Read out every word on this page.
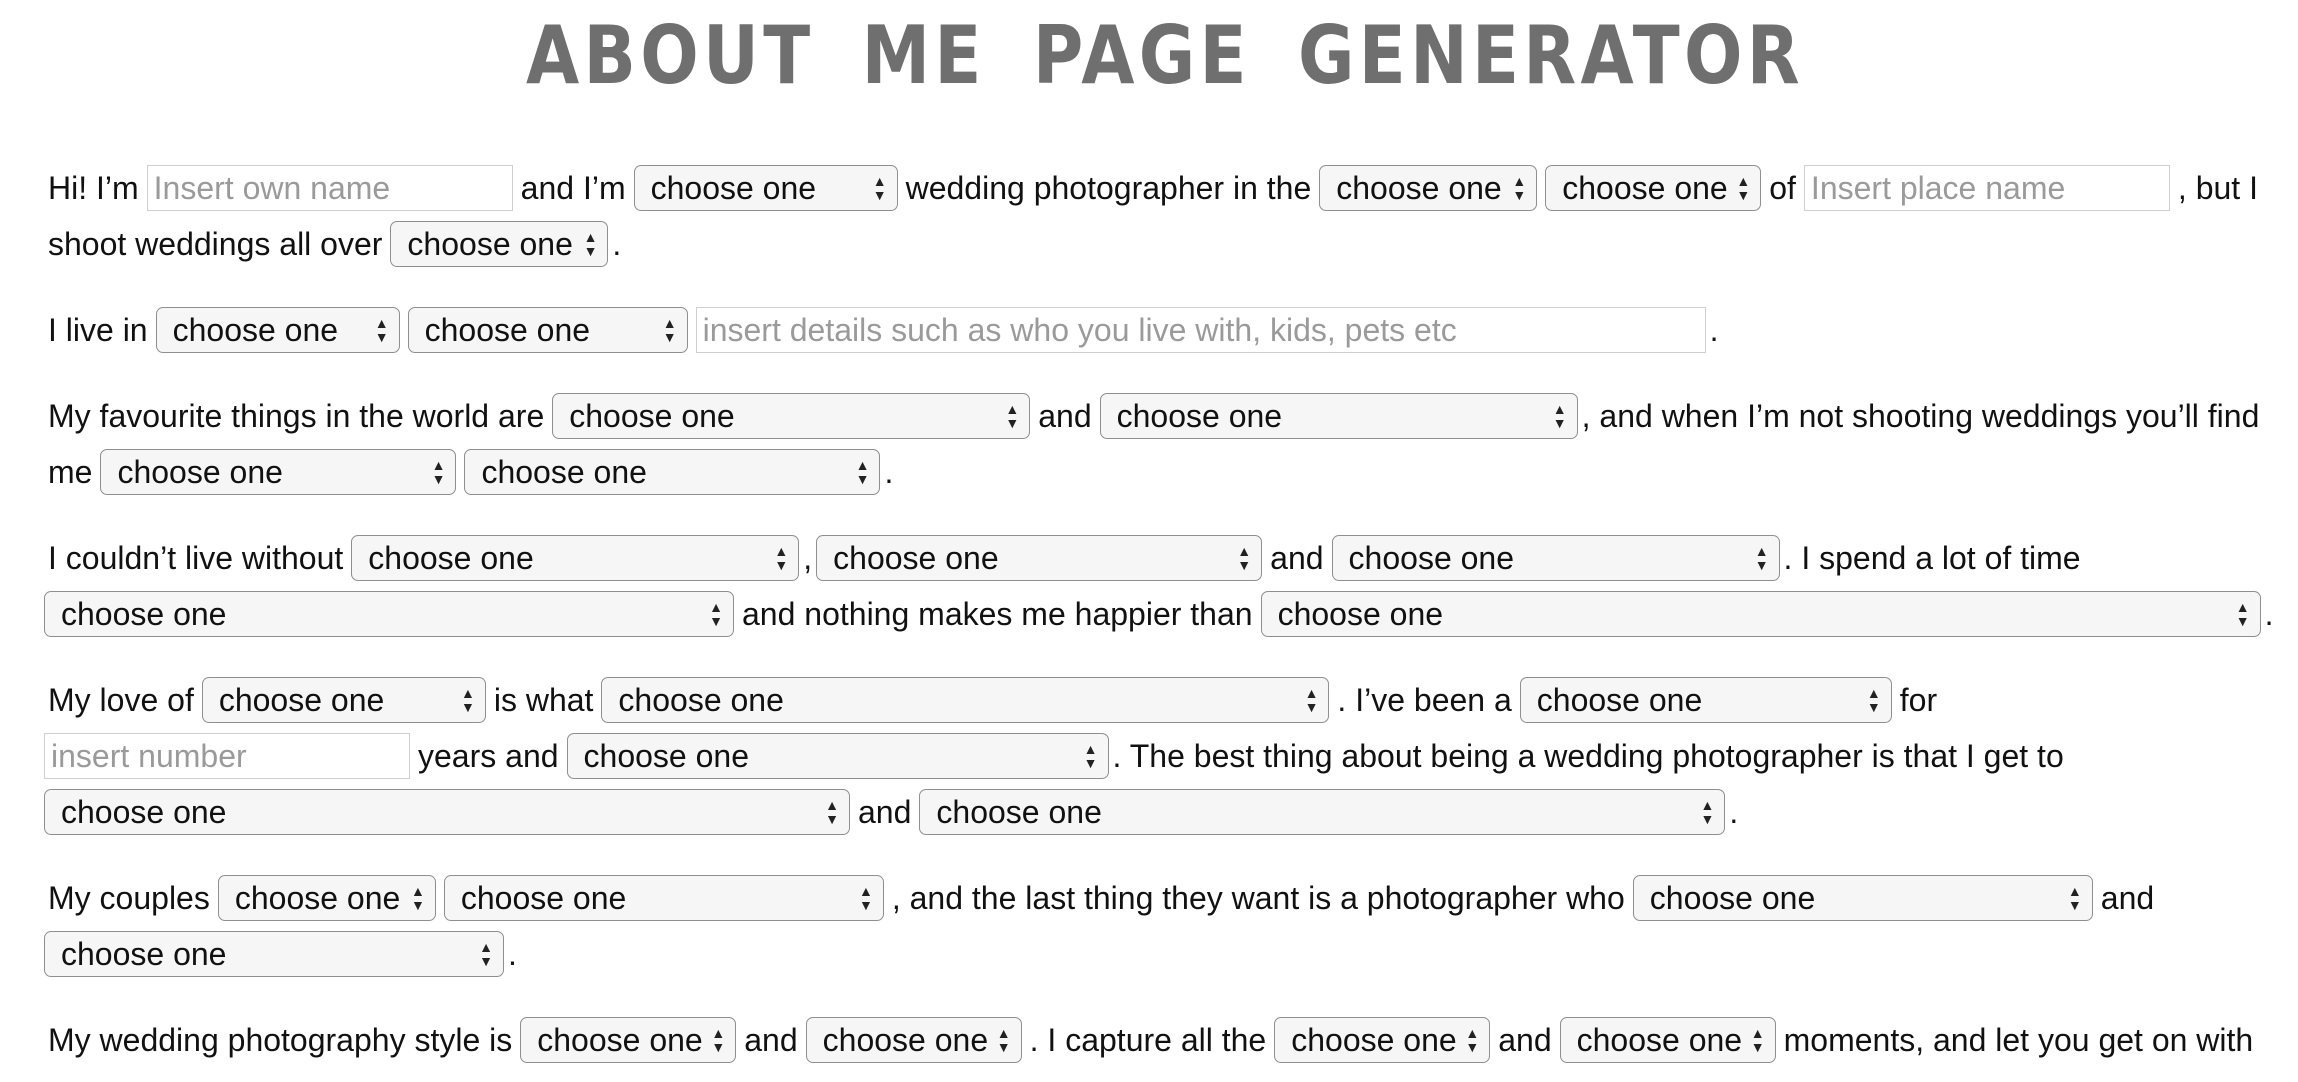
ABOUT ME PAGE GENERATOR
Hi! I’m
Insert own name	and I’m choose one	▲
▼ wedding photographer in the choose one ▲
▼ choose one ▲
▼ of
Insert place name	, but I
shoot weddings all over choose one ▲
▼ .
I live in choose one	▲
▼ choose one	▲
▼
insert details such as who you live with, kids, pets etc	.
My favourite things in the world are choose one	▲
▼ and choose one	▲
▼ , and when I’m not shooting weddings you’ll find
me choose one	▲
▼ choose one	▲
▼ .
I couldn’t live without choose one	▲
▼ , choose one	▲
▼ and choose one	▲
▼ . I spend a lot of time
choose one	▲
▼ and nothing makes me happier than choose one	▲
▼ .
My love of choose one	▲
▼ is what choose one	▲
▼ . I’ve been a choose one	▲
▼ for
insert number
years and choose one	▲
▼ . The best thing about being a wedding photographer is that I get to
choose one	▲
▼ and choose one	▲
▼ .
My couples choose one ▲
▼ choose one	▲
▼ , and the last thing they want is a photographer who choose one	▲
▼ and
choose one	▲
▼ .
My wedding photography style is choose one ▲
▼ and choose one ▲
▼ . I capture all the choose one ▲
▼ and choose one ▲
▼ moments, and let you get on with
